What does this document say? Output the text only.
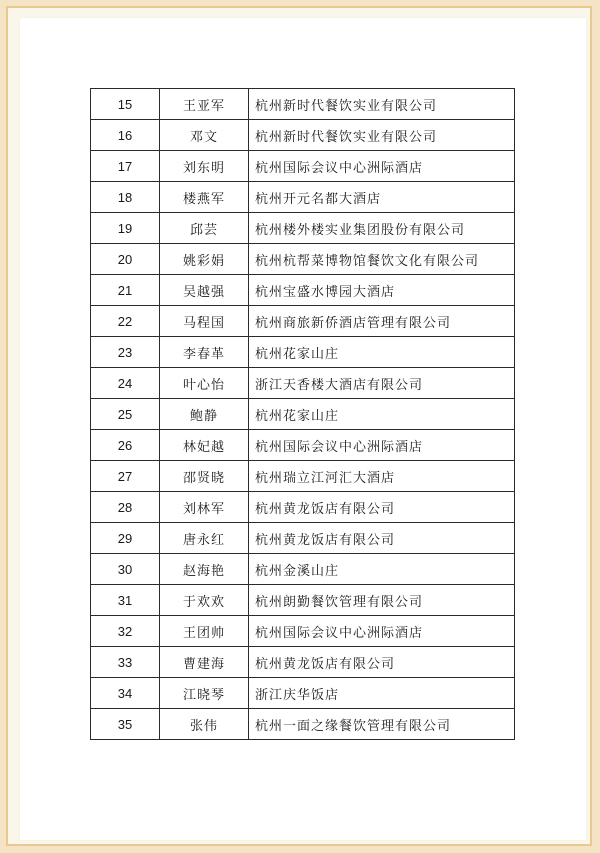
15	王亚军	杭州新时代餐饮实业有限公司
16	邓文	杭州新时代餐饮实业有限公司
17	刘东明	杭州国际会议中心洲际酒店
18	楼燕军	杭州开元名都大酒店
19	邱芸	杭州楼外楼实业集团股份有限公司
20	姚彩娟	杭州杭帮菜博物馆餐饮文化有限公司
21	吴越强	杭州宝盛水博园大酒店
22	马程国	杭州商旅新侨酒店管理有限公司
23	李春革	杭州花家山庄
24	叶心怡	浙江天香楼大酒店有限公司
25	鲍静	杭州花家山庄
26	林妃越	杭州国际会议中心洲际酒店
27	邵贤晓	杭州瑞立江河汇大酒店
28	刘林军	杭州黄龙饭店有限公司
29	唐永红	杭州黄龙饭店有限公司
30	赵海艳	杭州金溪山庄
31	于欢欢	杭州朗勤餐饮管理有限公司
32	王团帅	杭州国际会议中心洲际酒店
33	曹建海	杭州黄龙饭店有限公司
34	江晓琴	浙江庆华饭店
35	张伟	杭州一面之缘餐饮管理有限公司
